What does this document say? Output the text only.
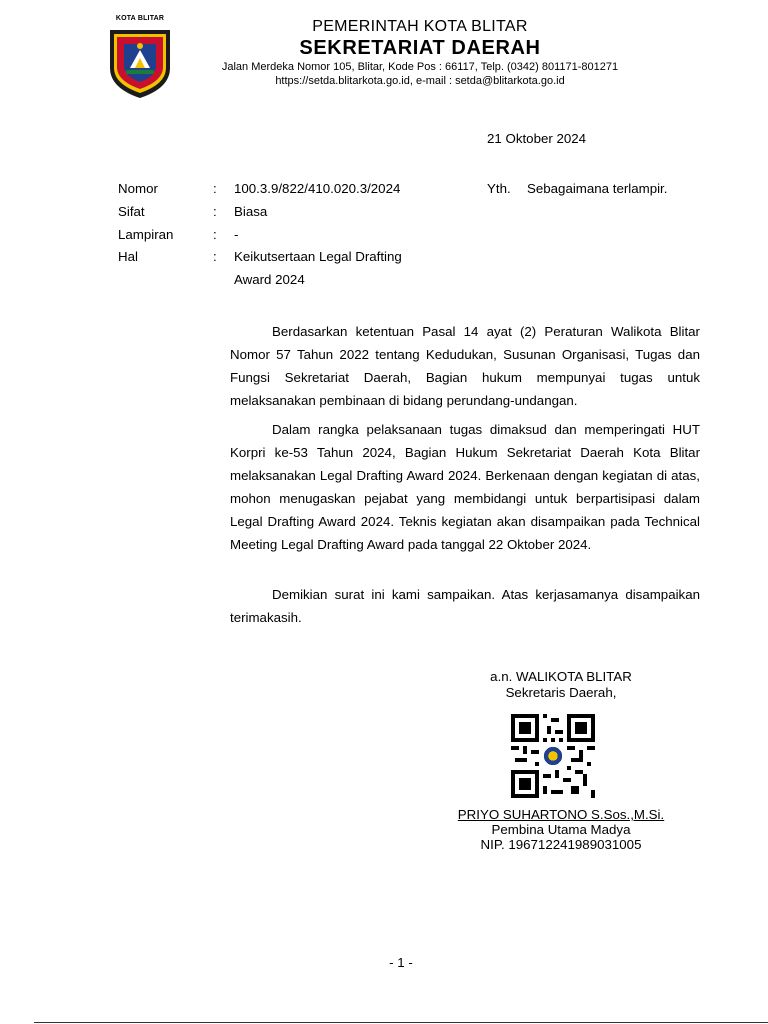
KOTA BLITAR	PEMERINTAH KOTA BLITAR
SEKRETARIAT DAERAH
Jalan Merdeka Nomor 105, Blitar, Kode Pos : 66117, Telp. (0342) 801171-801271
https://setda.blitarkota.go.id, e-mail : setda@blitarkota.go.id
21 Oktober 2024
Nomor	: 100.3.9/822/410.020.3/2024
Sifat	: Biasa
Lampiran	: -
Hal	: Keikutsertaan Legal Drafting
Award 2024
Yth. Sebagaimana terlampir.

Berdasarkan ketentuan Pasal 14 ayat (2) Peraturan Walikota Blitar Nomor 57 Tahun 2022 tentang Kedudukan, Susunan Organisasi, Tugas dan Fungsi Sekretariat Daerah, Bagian hukum mempunyai tugas untuk melaksanakan pembinaan di bidang perundang-undangan.

Dalam rangka pelaksanaan tugas dimaksud dan memperingati HUT Korpri ke-53 Tahun 2024, Bagian Hukum Sekretariat Daerah Kota Blitar melaksanakan Legal Drafting Award 2024. Berkenaan dengan kegiatan di atas, mohon menugaskan pejabat yang membidangi untuk berpartisipasi dalam Legal Drafting Award 2024. Teknis kegiatan akan disampaikan pada Technical Meeting Legal Drafting Award pada tanggal 22 Oktober 2024.

Demikian surat ini kami sampaikan. Atas kerjasamanya disampaikan terimakasih.

a.n. WALIKOTA BLITAR
Sekretaris Daerah,
PRIYO SUHARTONO S.Sos.,M.Si.
Pembina Utama Madya
NIP. 196712241989031005
- 1 -
